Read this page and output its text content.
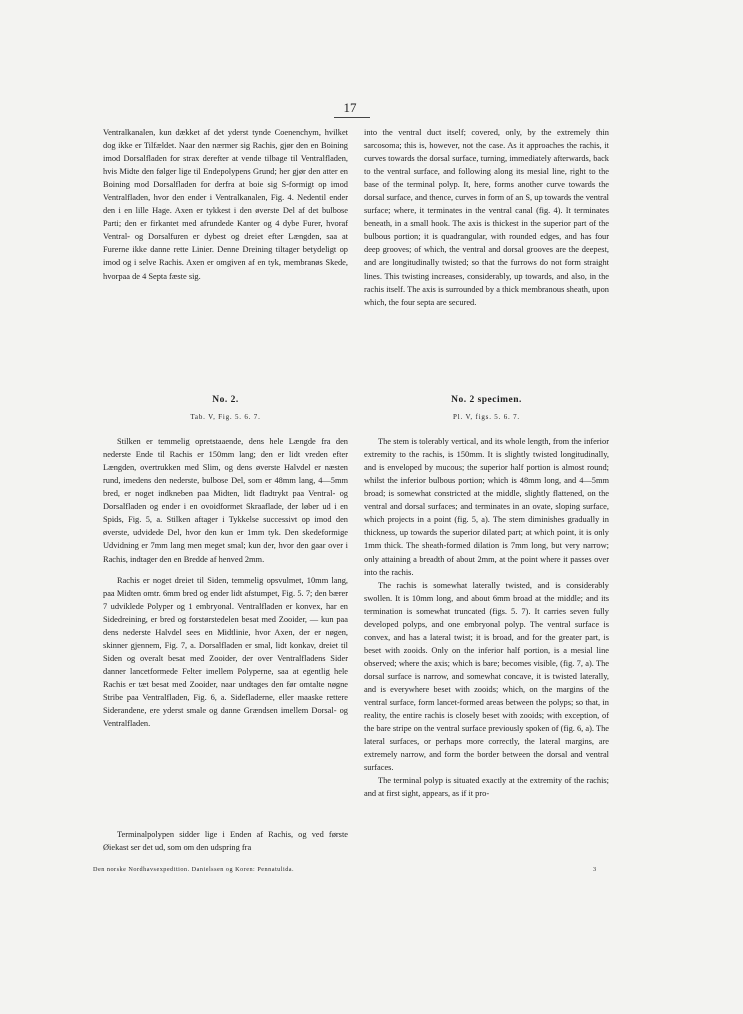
17

Ventralkanalen, kun dækket af det yderst tynde Coenenchym, hvilket dog ikke er Tilfældet. Naar den nærmer sig Rachis, gjør den en Boining imod Dorsalfladen for strax derefter at vende tilbage til Ventralfladen, hvis Midte den følger lige til Endepolypens Grund; her gjør den atter en Boining mod Dorsalfladen for derfra at boie sig S-formigt op imod Ventralfladen, hvor den ender i Ventralkanalen, Fig. 4. Nedentil ender den i en lille Hage. Axen er tykkest i den øverste Del af det bulbose Parti; den er firkantet med afrundede Kanter og 4 dybe Furer, hvoraf Ventral- og Dorsalfuren er dybest og dreiet efter Længden, saa at Furerne ikke danne rette Linier. Denne Dreining tiltager betydeligt op imod og i selve Rachis. Axen er omgiven af en tyk, membranøs Skede, hvorpaa de 4 Septa fæste sig.

No. 2.

Tab. V, Fig. 5. 6. 7.

Stilken er temmelig opretstaaende, dens hele Længde fra den nederste Ende til Rachis er 150mm lang; den er lidt vreden efter Længden, overtrukken med Slim, og dens øverste Halvdel er næsten rund, imedens den nederste, bulbose Del, som er 48mm lang, 4—5mm bred, er noget indkneben paa Midten, lidt fladtrykt paa Ventral- og Dorsalfladen og ender i en ovoidformet Skraaflade, der løber ud i en Spids, Fig. 5, a. Stilken aftager i Tykkelse successivt op imod den øverste, udvidede Del, hvor den kun er 1mm tyk. Den skedeformige Udvidning er 7mm lang men meget smal; kun der, hvor den gaar over i Rachis, indtager den en Bredde af henved 2mm.

Rachis er noget dreiet til Siden, temmelig opsvulmet, 10mm lang, paa Midten omtr. 6mm bred og ender lidt afstumpet, Fig. 5. 7; den bærer 7 udviklede Polyper og 1 embryonal. Ventralfladen er konvex, har en Sidedreining, er bred og forstørstedelen besat med Zooider, — kun paa dens nederste Halvdel sees en Midtlinie, hvor Axen, der er nøgen, skinner gjennem, Fig. 7, a. Dorsalfladen er smal, lidt konkav, dreiet til Siden og overalt besat med Zooider, der over Ventralfladens Sider danner lancetformede Felter imellem Polyperne, saa at egentlig hele Rachis er tæt besat med Zooider, naar undtages den før omtalte nøgne Stribe paa Ventralfladen, Fig. 6, a. Sidefladerne, eller maaske rettere Siderandene, ere yderst smale og danne Grændsen imellem Dorsal- og Ventralfladen.

Terminalpolypen sidder lige i Enden af Rachis, og ved første Øiekast ser det ud, som om den udspring fra

Den norske Nordhavsexpedition. Danielssen og Koren: Pennatulida.

into the ventral duct itself; covered, only, by the extremely thin sarcosoma; this is, however, not the case. As it approaches the rachis, it curves towards the dorsal surface, turning, immediately afterwards, back to the ventral surface, and following along its mesial line, right to the base of the terminal polyp. It, here, forms another curve towards the dorsal surface, and thence, curves in form of an S, up towards the ventral surface; where, it terminates in the ventral canal (fig. 4). It terminates beneath, in a small hook. The axis is thickest in the superior part of the bulbous portion; it is quadrangular, with rounded edges, and has four deep grooves; of which, the ventral and dorsal grooves are the deepest, and are longitudinally twisted; so that the furrows do not form straight lines. This twisting increases, considerably, up towards, and also, in the rachis itself. The axis is surrounded by a thick membranous sheath, upon which, the four septa are secured.

No. 2 specimen.

Pl. V, figs. 5. 6. 7.

The stem is tolerably vertical, and its whole length, from the inferior extremity to the rachis, is 150mm. It is slightly twisted longitudinally, and is enveloped by mucous; the superior half portion is almost round; whilst the inferior bulbous portion; which is 48mm long, and 4—5mm broad; is somewhat constricted at the middle, slightly flattened, on the ventral and dorsal surfaces; and terminates in an ovate, sloping surface, which projects in a point (fig. 5, a). The stem diminishes gradually in thickness, up towards the superior dilated part; at which point, it is only 1mm thick. The sheath-formed dilation is 7mm long, but very narrow; only attaining a breadth of about 2mm, at the point where it passes over into the rachis.

The rachis is somewhat laterally twisted, and is considerably swollen. It is 10mm long, and about 6mm broad at the middle; and its termination is somewhat truncated (figs. 5. 7). It carries seven fully developed polyps, and one embryonal polyp. The ventral surface is convex, and has a lateral twist; it is broad, and for the greater part, is beset with zooids. Only on the inferior half portion, is a mesial line observed; where the axis; which is bare; becomes visible, (fig. 7, a). The dorsal surface is narrow, and somewhat concave, it is twisted laterally, and is everywhere beset with zooids; which, on the margins of the ventral surface, form lancet-formed areas between the polyps; so that, in reality, the entire rachis is closely beset with zooids; with exception, of the bare stripe on the ventral surface previously spoken of (fig. 6, a). The lateral surfaces, or perhaps more correctly, the lateral margins, are extremely narrow, and form the border between the dorsal and ventral surfaces.

The terminal polyp is situated exactly at the extremity of the rachis; and at first sight, appears, as if it pro-

3
